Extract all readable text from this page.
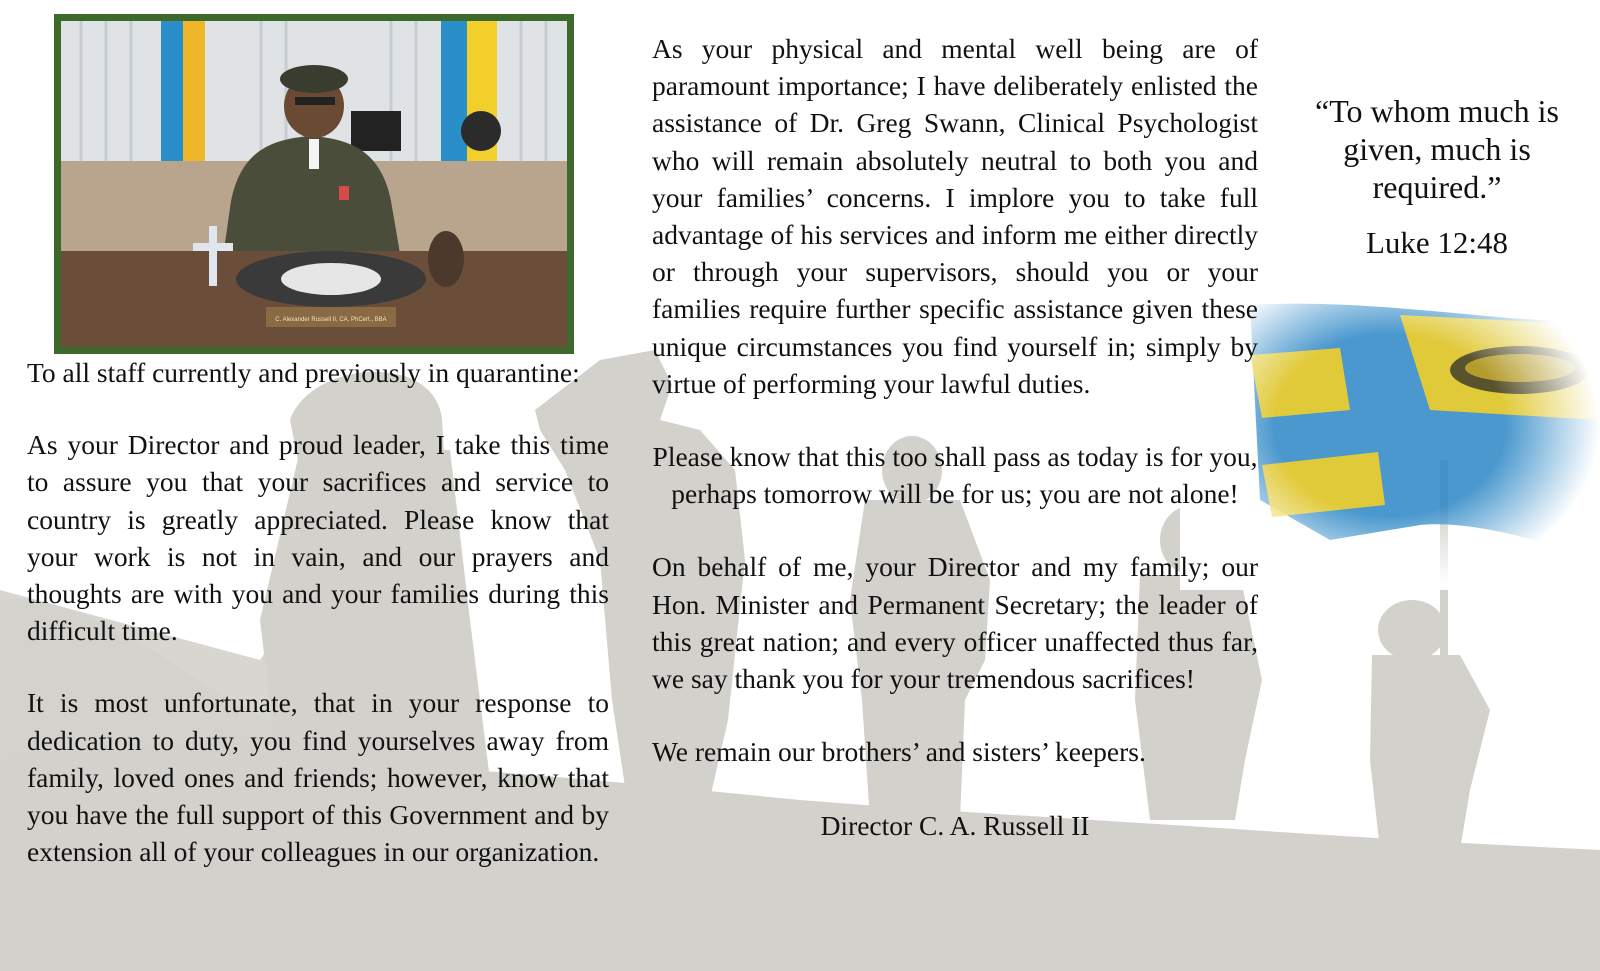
C. Alexander Russell II, CA, PhCert., BBA

To all staff currently and previously in quarantine:

As your Director and proud leader, I take this time to assure you that your sacrifices and service to country is greatly appreciated. Please know that your work is not in vain, and our prayers and thoughts are with you and your families during this difficult time.

It is most unfortunate, that in your response to dedication to duty, you find yourselves away from family, loved ones and friends; however, know that you have the full support of this Government and by extension all of your colleagues in our organization.

As your physical and mental well being are of paramount importance; I have deliberately enlisted the assistance of Dr. Greg Swann, Clinical Psychologist who will remain absolutely neutral to both you and your families’ concerns. I implore you to take full advantage of his services and inform me either directly or through your supervisors, should you or your families require further specific assistance given these unique circumstances you find yourself in; simply by virtue of performing your lawful duties.

Please know that this too shall pass as today is for you, perhaps tomorrow will be for us; you are not alone!

On behalf of me, your Director and my family; our Hon. Minister and Permanent Secretary; the leader of this great nation; and every officer unaffected thus far, we say thank you for your tremendous sacrifices!

We remain our brothers’ and sisters’ keepers.

Director C. A. Russell II

“To whom much is given, much is required.”
Luke 12:48
